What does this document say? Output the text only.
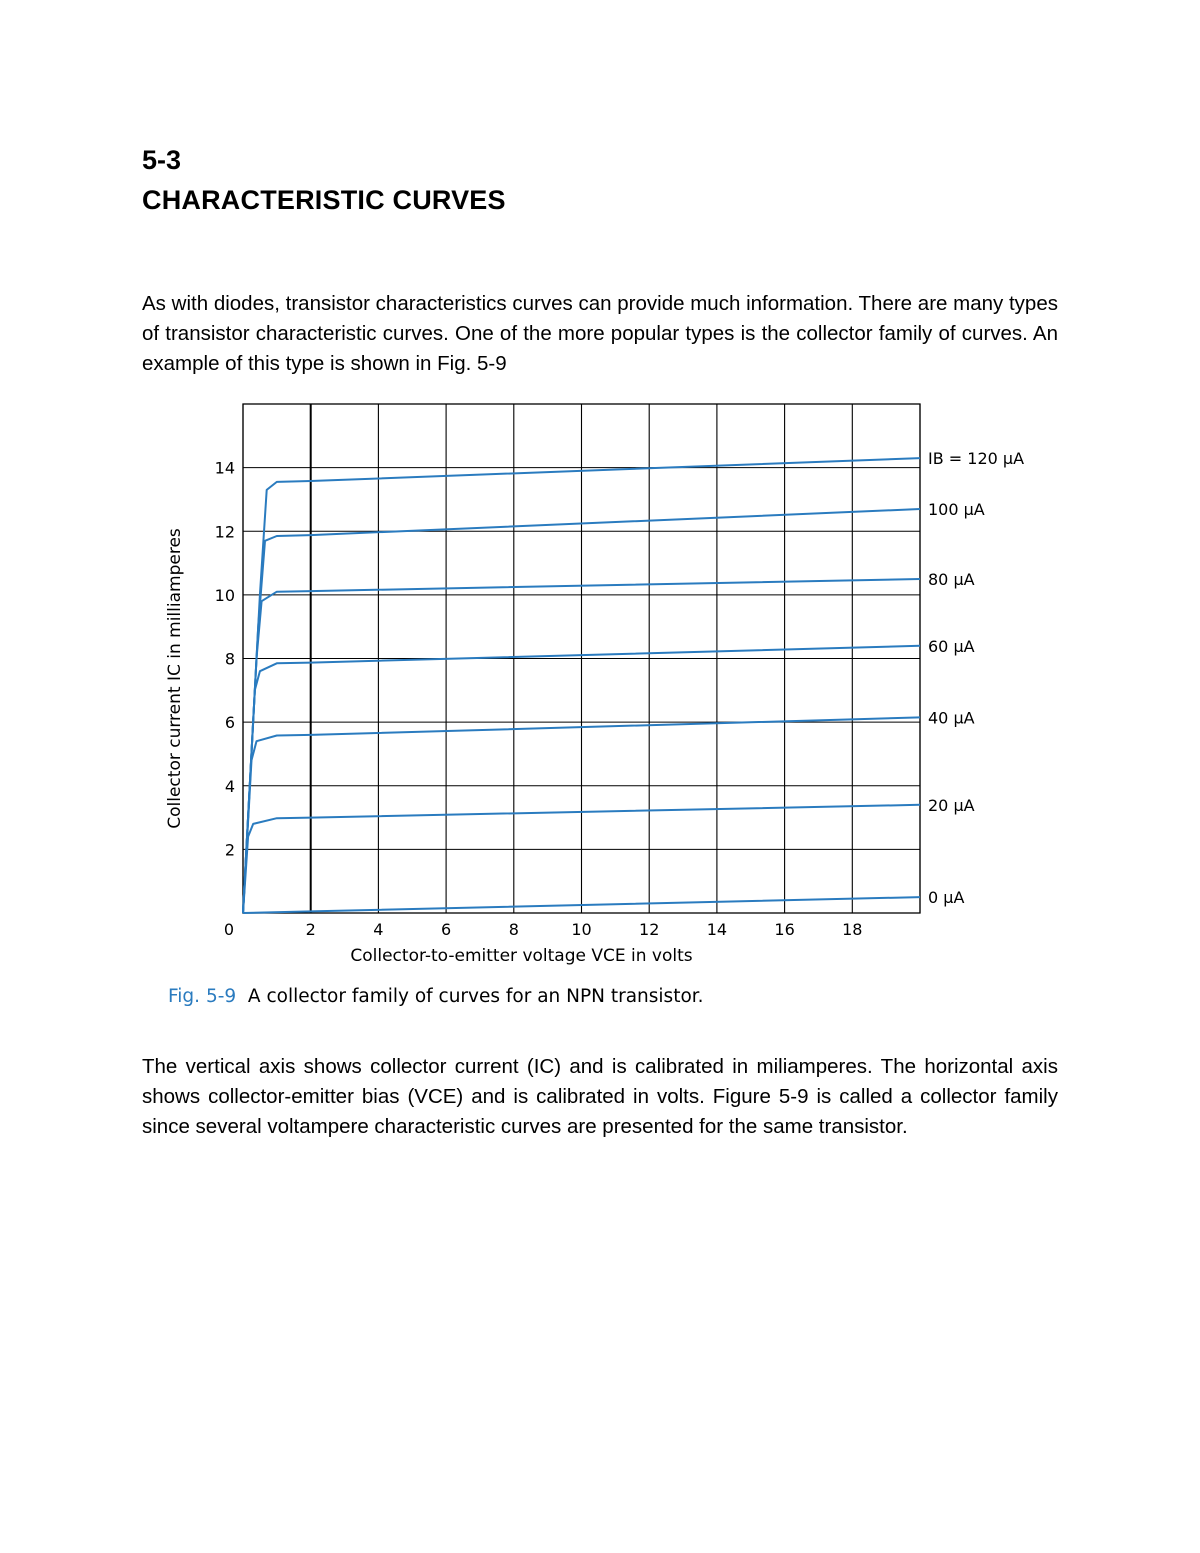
5-3
CHARACTERISTIC CURVES

As with diodes, transistor characteristics curves can provide much information. There are many types of transistor characteristic curves. One of the more popular types is the collector family of curves. An example of this type is shown in Fig. 5-9

2
4
6
8
10
12
14
0	2	4	6	8	10	12	14	16	18
IB = 120 µA
100 µA
80 µA
60 µA
40 µA
20 µA
0 µA
Collector current IC in milliamperes
Collector-to-emitter voltage VCE in volts

Fig. 5-9 A collector family of curves for an NPN transistor.

The vertical axis shows collector current (IC) and is calibrated in miliamperes. The horizontal axis shows collector-emitter bias (VCE) and is calibrated in volts. Figure 5-9 is called a collector family since several voltampere characteristic curves are presented for the same transistor.
